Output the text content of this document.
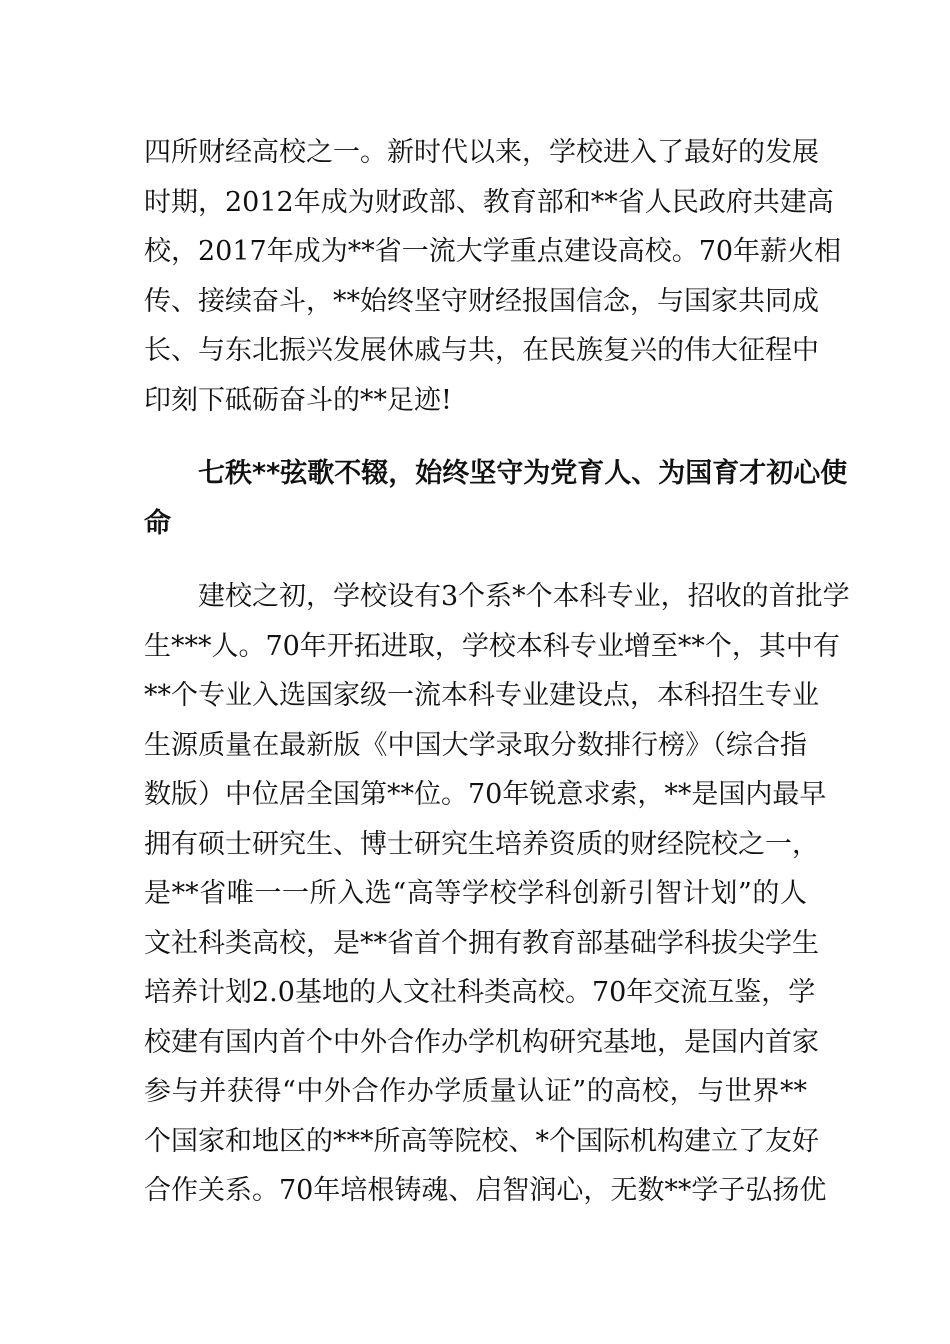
四所财经高校之一。新时代以来，学校进入了最好的发展
时期，2012年成为财政部、教育部和**省人民政府共建高
校，2017年成为**省一流大学重点建设高校。70年薪火相
传、接续奋斗，**始终坚守财经报国信念，与国家共同成
长、与东北振兴发展休戚与共，在民族复兴的伟大征程中
印刻下砥砺奋斗的**足迹!
七秩**弦歌不辍，始终坚守为党育人、为国育才初心使
命
建校之初，学校设有3个系*个本科专业，招收的首批学
生***人。70年开拓进取，学校本科专业增至**个，其中有
**个专业入选国家级一流本科专业建设点，本科招生专业
生源质量在最新版《中国大学录取分数排行榜》（综合指
数版）中位居全国第**位。70年锐意求索，**是国内最早
拥有硕士研究生、博士研究生培养资质的财经院校之一，
是**省唯一一所入选“高等学校学科创新引智计划”的人
文社科类高校，是**省首个拥有教育部基础学科拔尖学生
培养计划2.0基地的人文社科类高校。70年交流互鉴，学
校建有国内首个中外合作办学机构研究基地，是国内首家
参与并获得“中外合作办学质量认证”的高校，与世界**
个国家和地区的***所高等院校、*个国际机构建立了友好
合作关系。70年培根铸魂、启智润心，无数**学子弘扬优
